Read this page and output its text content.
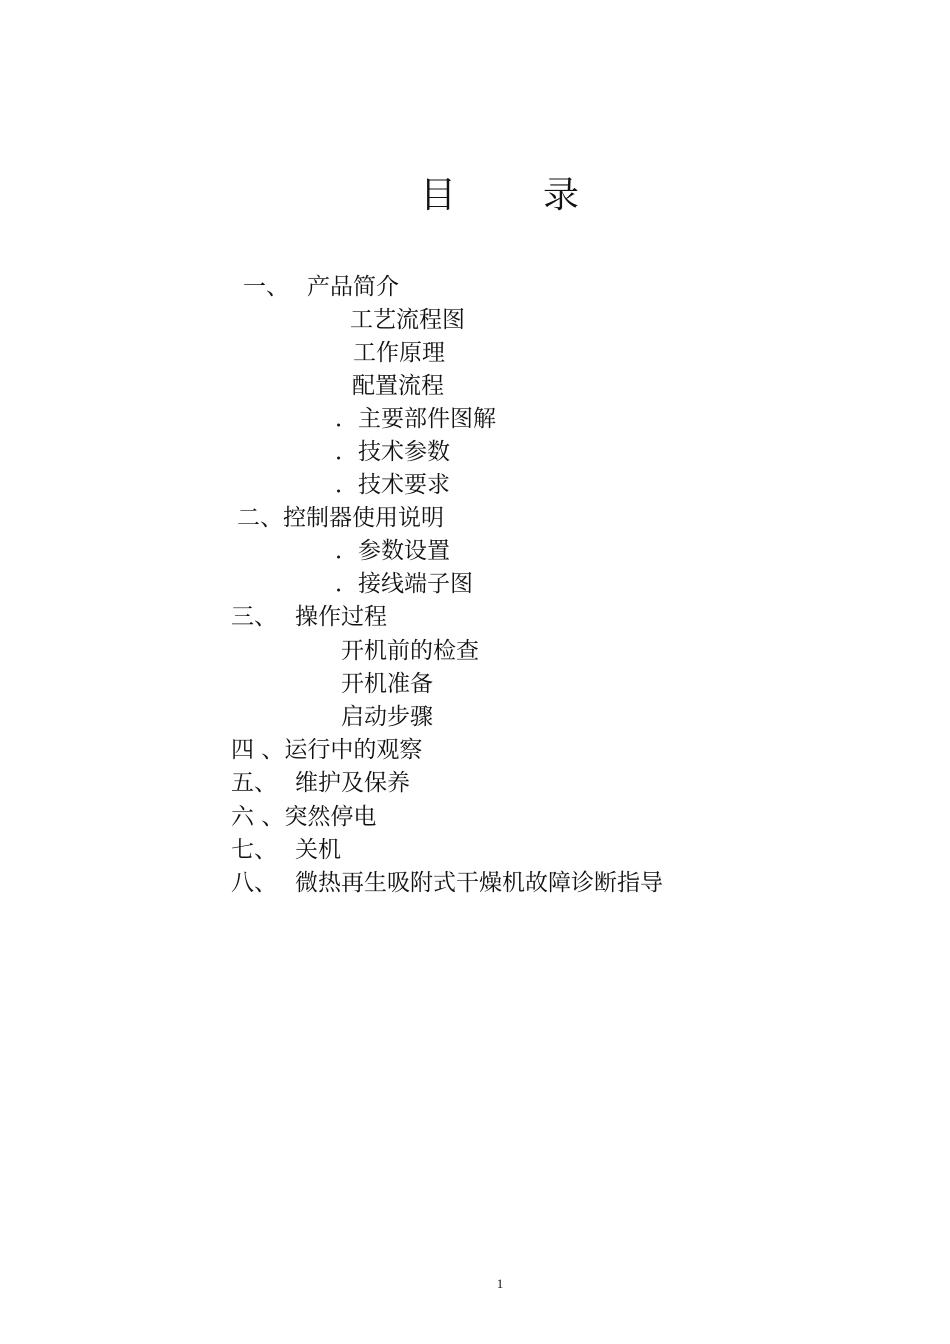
目 录
一、 产品简介
工艺流程图
工作原理
配置流程
．主要部件图解
．技术参数
．技术要求
二、控制器使用说明
．参数设置
．接线端子图
三、 操作过程
开机前的检查
开机准备
启动步骤
四 、运行中的观察
五、 维护及保养
六 、突然停电
七、 关机
八、 微热再生吸附式干燥机故障诊断指导
1
